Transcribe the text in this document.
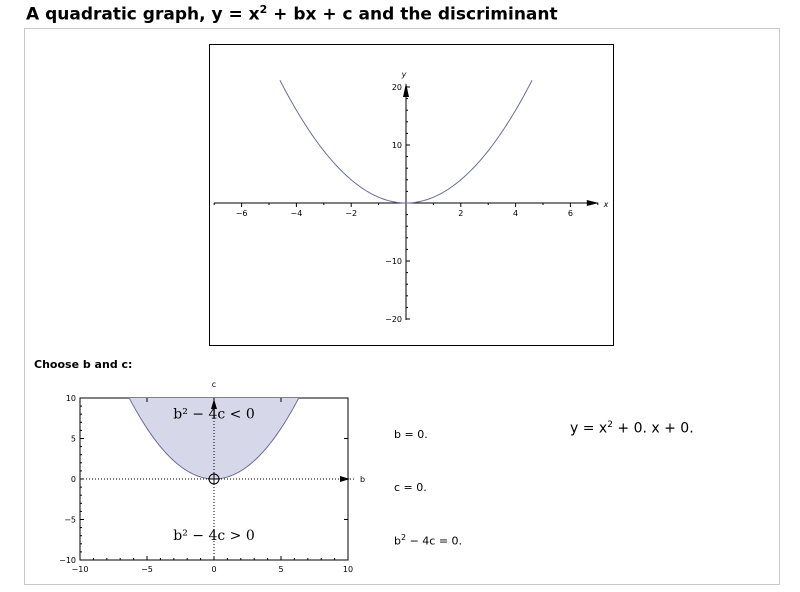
A quadratic graph, $y = x^2$ + bx + c and the discriminant
x
y
−6	−4	−2	2	4	6
20
10
−10
−20
Choose b and c:
b
c
−10	−5	0	5	10
10
5
0
−5
−10
b² − 4c < 0
b² − 4c > 0
b = 0.
c = 0.
$b^2 - 4c = 0$.
$y = x^2 + 0$. x + 0.
